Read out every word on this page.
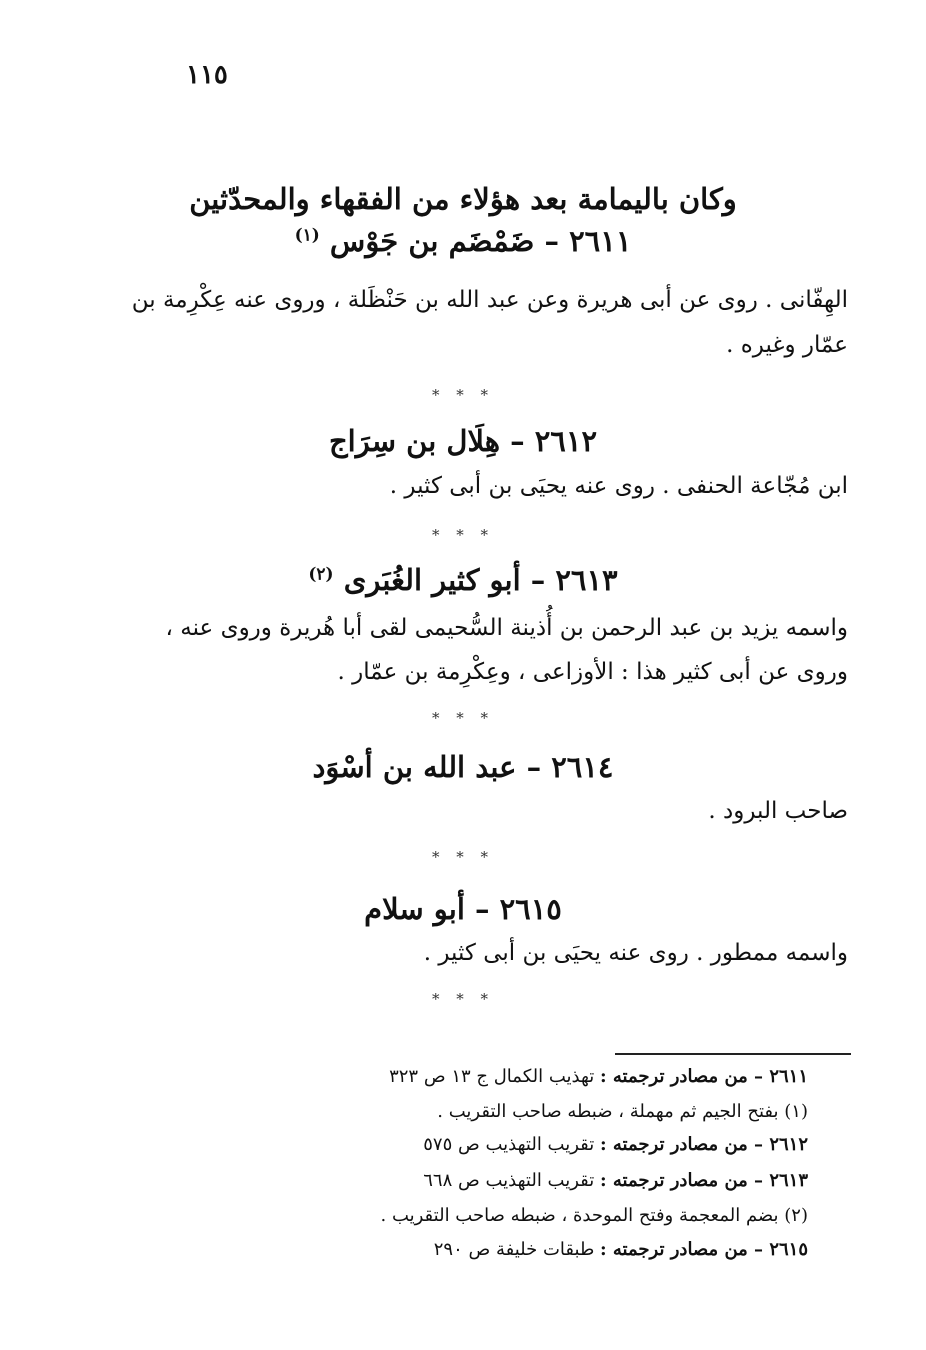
١١٥
وكان باليمامة بعد هؤلاء من الفقهاء والمحدّثين
٢٦١١ – ضَمْضَم بن جَوْس $^{(١)}$
الهِفّانى . روى عن أبى هريرة وعن عبد الله بن حَنْظَلة ، وروى عنه عِكْرِمة بن
عمّار وغيره .
* * *
٢٦١٢ – هِلَال بن سِرَاج
ابن مُجّاعة الحنفى . روى عنه يحيَى بن أبى كثير .
* * *
٢٦١٣ – أبو كثير الغُبَرى $^{(٢)}$
واسمه يزيد بن عبد الرحمن بن أُذينة السُّحيمى لقى أبا هُريرة وروى عنه ،
وروى عن أبى كثير هذا : الأوزاعى ، وعِكْرِمة بن عمّار .
* * *
٢٦١٤ – عبد الله بن أسْوَد
صاحب البرود .
* * *
٢٦١٥ – أبو سلام
واسمه ممطور . روى عنه يحيَى بن أبى كثير .
* * *
٢٦١١ – من مصادر ترجمته : تهذيب الكمال ج ١٣ ص ٣٢٣
(١) بفتح الجيم ثم مهملة ، ضبطه صاحب التقريب .
٢٦١٢ – من مصادر ترجمته : تقريب التهذيب ص ٥٧٥
٢٦١٣ – من مصادر ترجمته : تقريب التهذيب ص ٦٦٨
(٢) بضم المعجمة وفتح الموحدة ، ضبطه صاحب التقريب .
٢٦١٥ – من مصادر ترجمته : طبقات خليفة ص ٢٩٠
